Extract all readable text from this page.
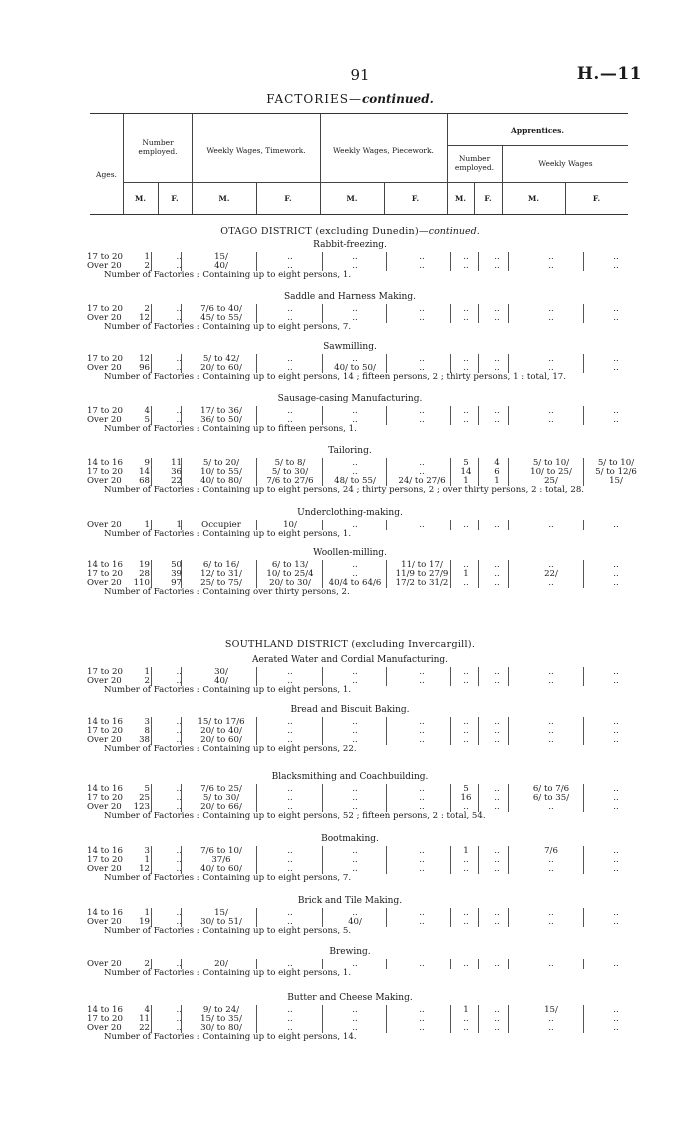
91	H.—11
FACTORIES—continued.
Ages.
Number employed.	Weekly Wages, Timework.	Weekly Wages, Piecework.
Apprentices.
Number employed.	Weekly Wages
M.	F.	M.	F.	M.	F.	M.	F.	M.	F.
OTAGO DISTRICT (excluding Dunedin)—continued.
Rabbit-freezing.
17 to 20	1	..	15/	..	..	..	..	..	..	..
Over 20	2	..	40/	..	..	..	..	..	..	..
Number of Factories : Containing up to eight persons, 1.
Saddle and Harness Making.
17 to 20	2	..	7/6 to 40/	..	..	..	..	..	..	..
Over 20	12	..	45/ to 55/	..	..	..	..	..	..	..
Number of Factories : Containing up to eight persons, 7.
Sawmilling.
17 to 20	12	..	5/ to 42/	..	..	..	..	..	..	..
Over 20	96	..	20/ to 60/	..	40/ to 50/	..	..	..	..	..
Number of Factories : Containing up to eight persons, 14 ; fifteen persons, 2 ; thirty persons, 1 : total, 17.
Sausage-casing Manufacturing.
17 to 20	4	..	17/ to 36/	..	..	..	..	..	..	..
Over 20	5	..	36/ to 50/	..	..	..	..	..	..	..
Number of Factories : Containing up to fifteen persons, 1.
Tailoring.
14 to 16	9	11	5/ to 20/	5/ to 8/	..	..	5	4	5/ to 10/	5/ to 10/
17 to 20	14	36	10/ to 55/	5/ to 30/	..	..	14	6	10/ to 25/	5/ to 12/6
Over 20	68	22	40/ to 80/	7/6 to 27/6	48/ to 55/	24/ to 27/6	1	1	25/	15/
Number of Factories : Containing up to eight persons, 24 ; thirty persons, 2 ; over thirty persons, 2 : total, 28.
Underclothing-making.
Over 20	1	1	Occupier	10/	..	..	..	..	..	..
Number of Factories : Containing up to eight persons, 1.
Woollen-milling.
14 to 16	19	50	6/ to 16/	6/ to 13/	..	11/ to 17/	..	..	..	..
17 to 20	28	39	12/ to 31/	10/ to 25/4	..	11/9 to 27/9	1	..	22/	..
Over 20	110	97	25/ to 75/	20/ to 30/	40/4 to 64/6	17/2 to 31/2	..	..	..	..
Number of Factories : Containing over thirty persons, 2.
SOUTHLAND DISTRICT (excluding Invercargill).
Aerated Water and Cordial Manufacturing.
17 to 20	1	..	30/	..	..	..	..	..	..	..
Over 20	2	..	40/	..	..	..	..	..	..	..
Number of Factories : Containing up to eight persons, 1.
Bread and Biscuit Baking.
14 to 16	3	..	15/ to 17/6	..	..	..	..	..	..	..
17 to 20	8	..	20/ to 40/	..	..	..	..	..	..	..
Over 20	38	..	20/ to 60/	..	..	..	..	..	..	..
Number of Factories : Containing up to eight persons, 22.
Blacksmithing and Coachbuilding.
14 to 16	5	..	7/6 to 25/	..	..	..	5	..	6/ to 7/6	..
17 to 20	25	..	5/ to 30/	..	..	..	16	..	6/ to 35/	..
Over 20	123	..	20/ to 66/	..	..	..	..	..	..	..
Number of Factories : Containing up to eight persons, 52 ; fifteen persons, 2 : total, 54.
Bootmaking.
14 to 16	3	..	7/6 to 10/	..	..	..	1	..	7/6	..
17 to 20	1	..	37/6	..	..	..	..	..	..	..
Over 20	12	..	40/ to 60/	..	..	..	..	..	..	..
Number of Factories : Containing up to eight persons, 7.
Brick and Tile Making.
14 to 16	1	..	15/	..	..	..	..	..	..	..
Over 20	19	..	30/ to 51/	..	40/	..	..	..	..	..
Number of Factories : Containing up to eight persons, 5.
Brewing.
Over 20	2	..	20/	..	..	..	..	..	..	..
Number of Factories : Containing up to eight persons, 1.
Butter and Cheese Making.
14 to 16	4	..	9/ to 24/	..	..	..	1	..	15/	..
17 to 20	11	..	15/ to 35/	..	..	..	..	..	..	..
Over 20	22	..	30/ to 80/	..	..	..	..	..	..	..
Number of Factories : Containing up to eight persons, 14.
